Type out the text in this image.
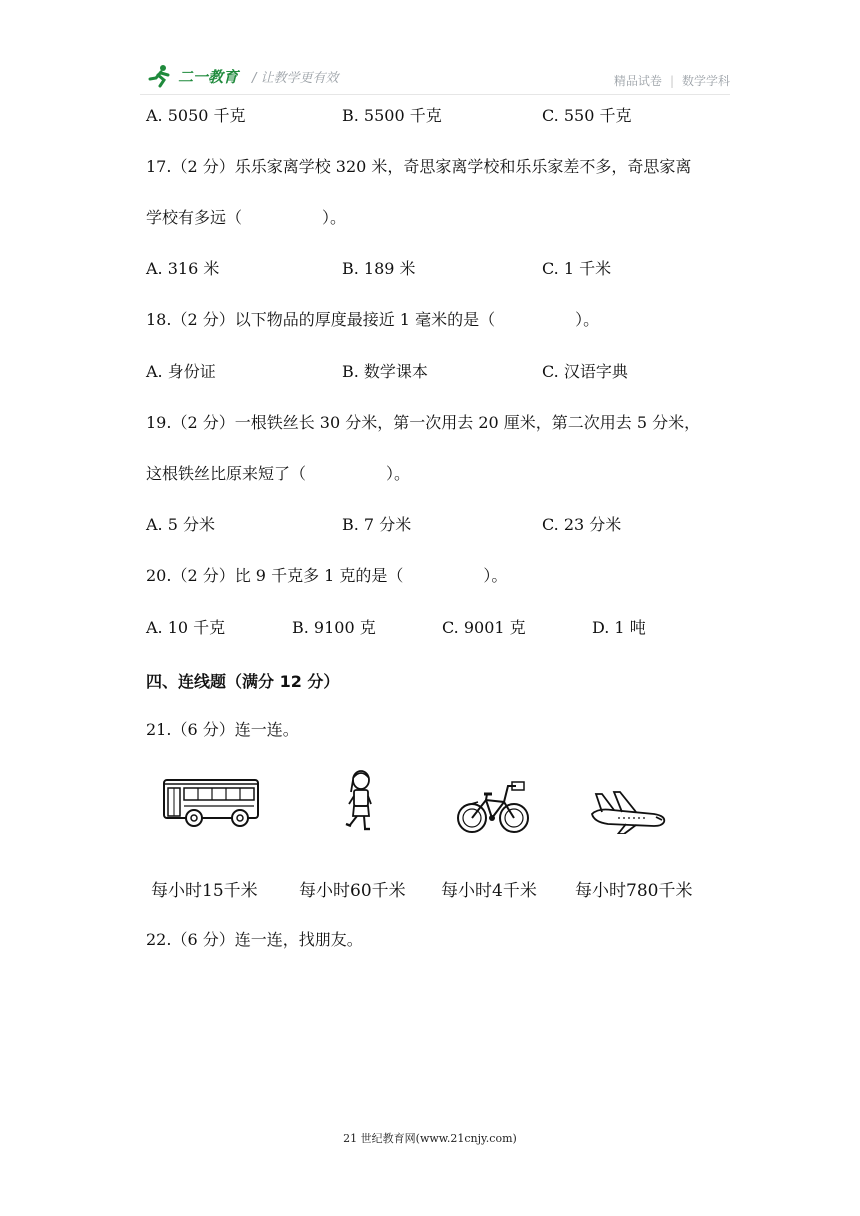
二一教育 / 让教学更有效	精品试卷 | 数学学科
A. 5050 千克	B. 5500 千克	C. 550 千克
17.（2 分）乐乐家离学校 320 米，奇思家离学校和乐乐家差不多，奇思家离
学校有多远（　　　　　）。
A. 316 米	B. 189 米	C. 1 千米
18.（2 分）以下物品的厚度最接近 1 毫米的是（　　　　　）。
A. 身份证	B. 数学课本	C. 汉语字典
19.（2 分）一根铁丝长 30 分米，第一次用去 20 厘米，第二次用去 5 分米，
这根铁丝比原来短了（　　　　　）。
A. 5 分米	B. 7 分米	C. 23 分米
20.（2 分）比 9 千克多 1 克的是（　　　　　）。
A. 10 千克	B. 9100 克	C. 9001 克	D. 1 吨
四、连线题（满分 12 分）
21.（6 分）连一连。
每小时15千米 每小时60千米 每小时4千米 每小时780千米
22.（6 分）连一连，找朋友。
21 世纪教育网(www.21cnjy.com)
